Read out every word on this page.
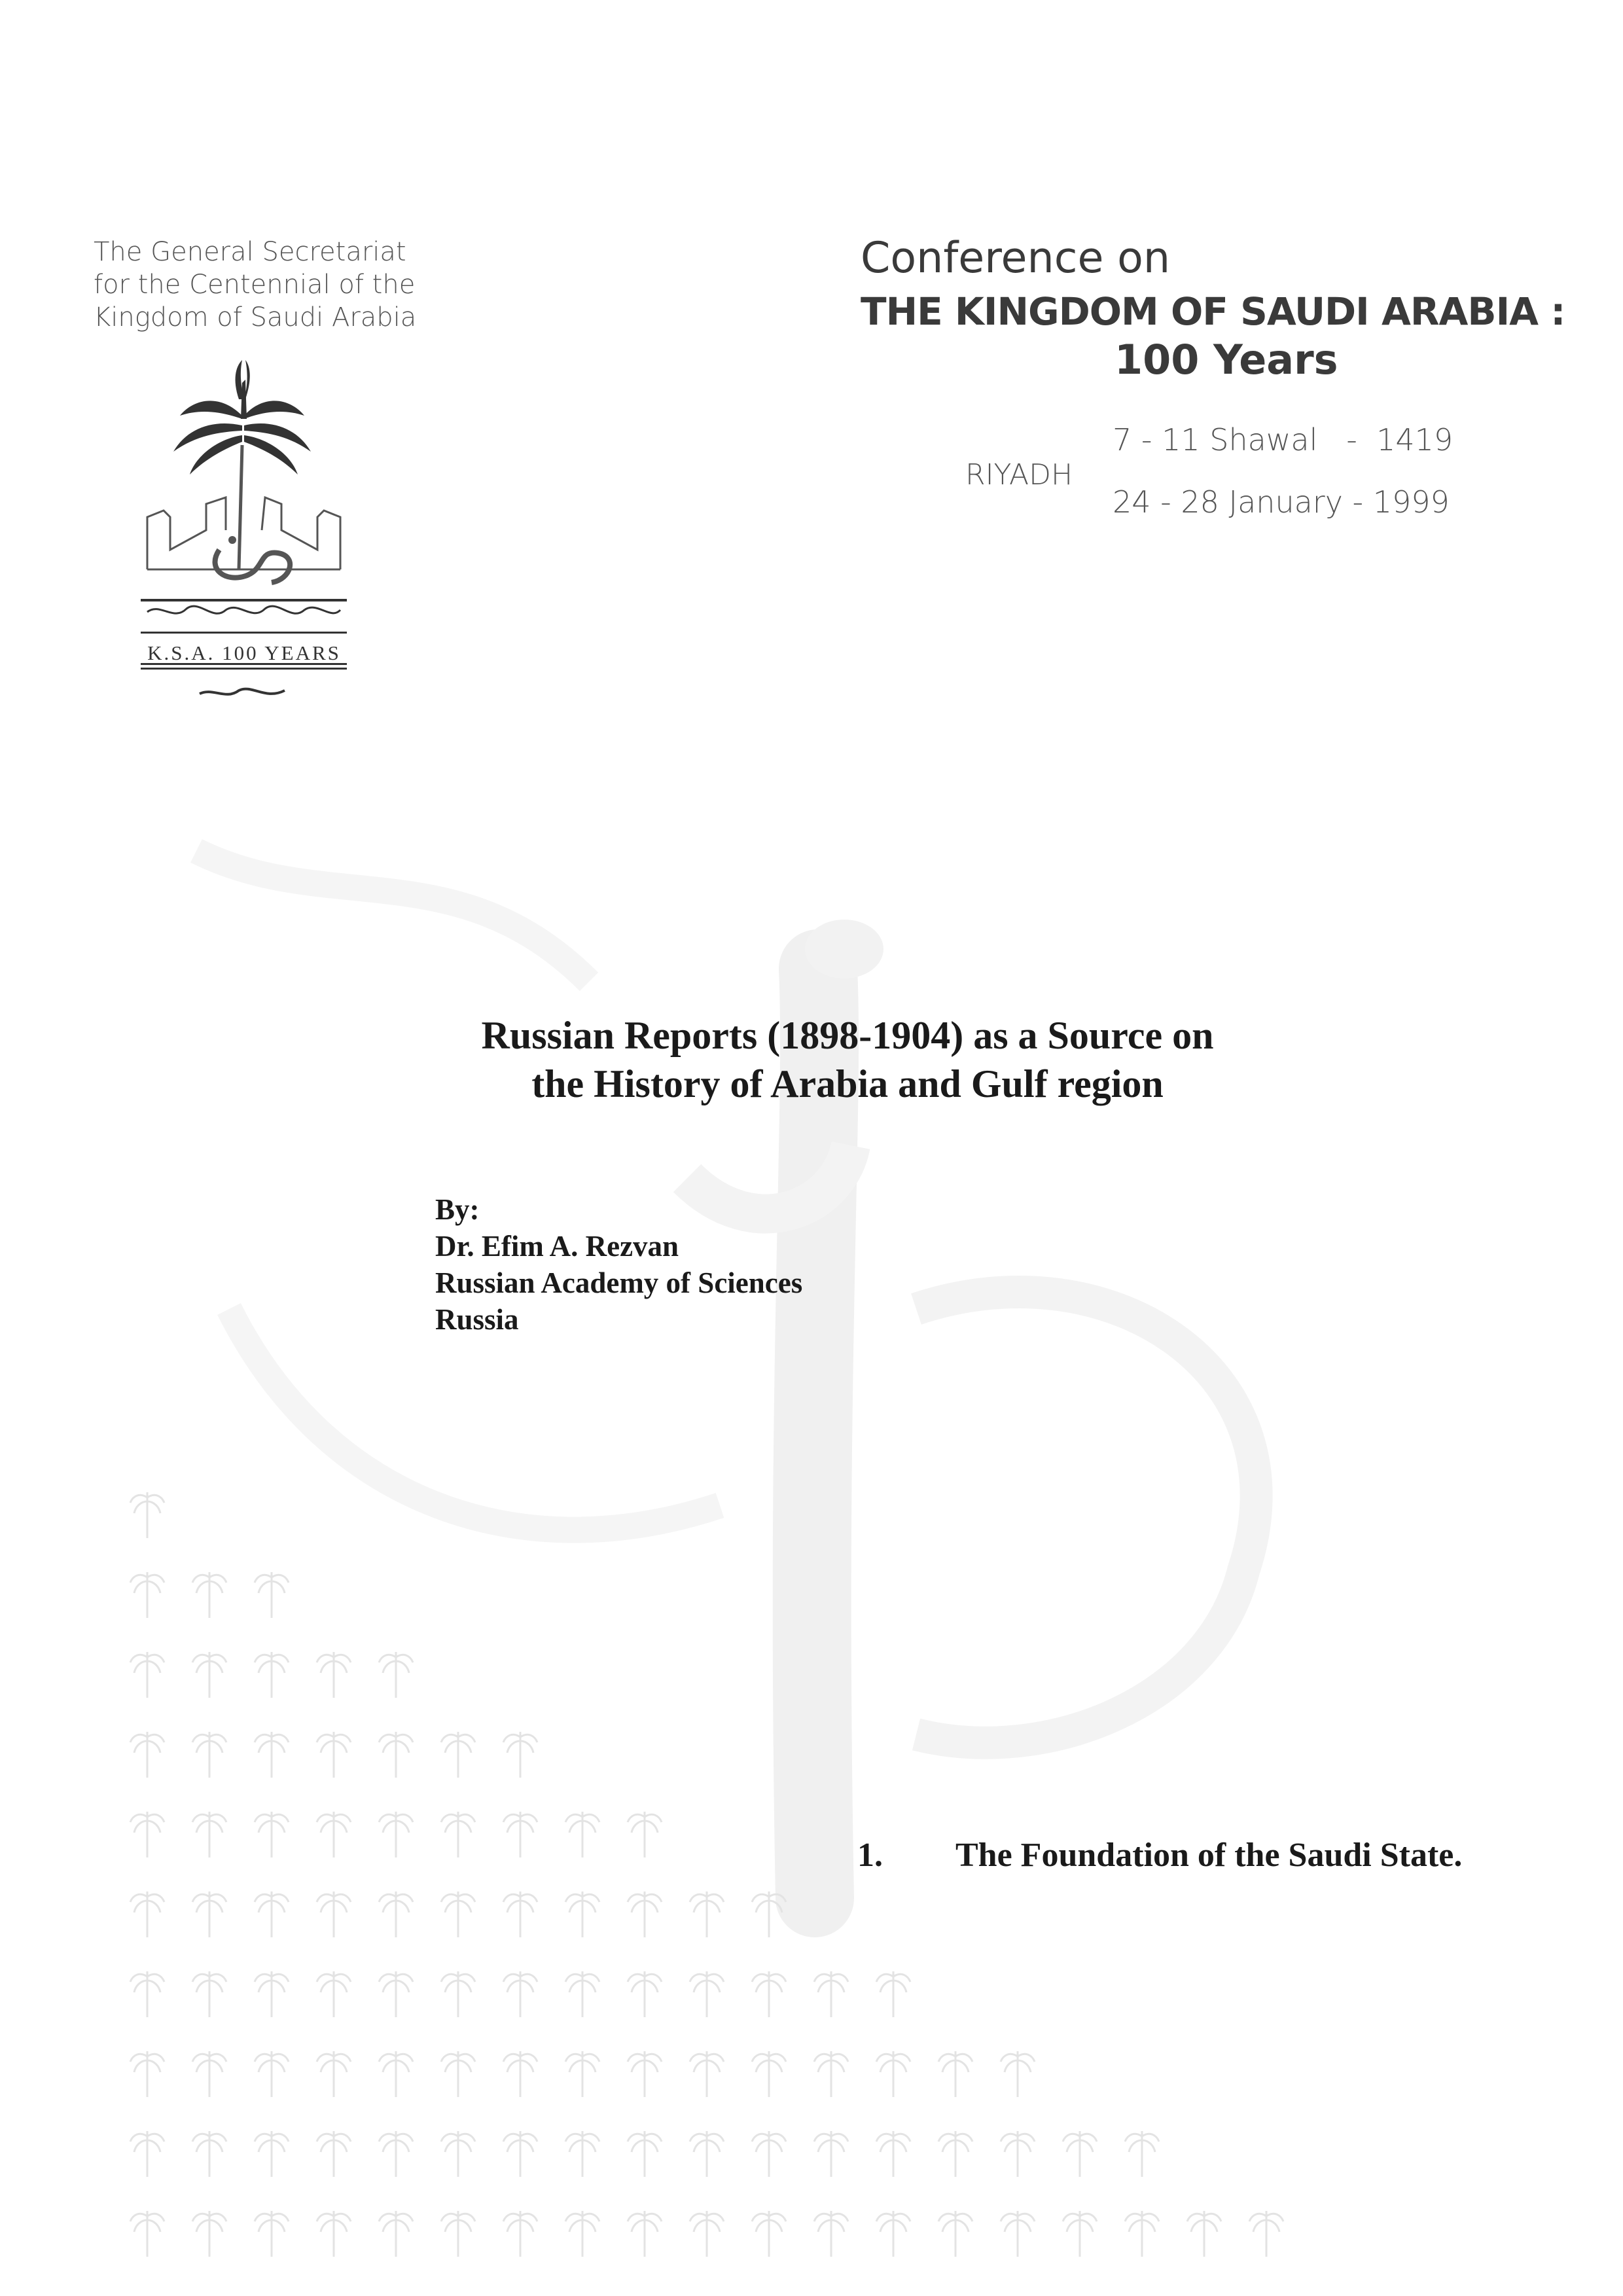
The General Secretariat
for the Centennial of the
Kingdom of Saudi Arabia
K.S.A. 100 YEARS
Conference on
THE KINGDOM OF SAUDI ARABIA :
100 Years
RIYADH
7 - 11 Shawal   -  1419
24 - 28 January - 1999
Russian Reports (1898-1904) as a Source on
the History of Arabia and Gulf region
By:
Dr. Efim A. Rezvan
Russian Academy of Sciences
Russia
1. The Foundation of the Saudi State.
